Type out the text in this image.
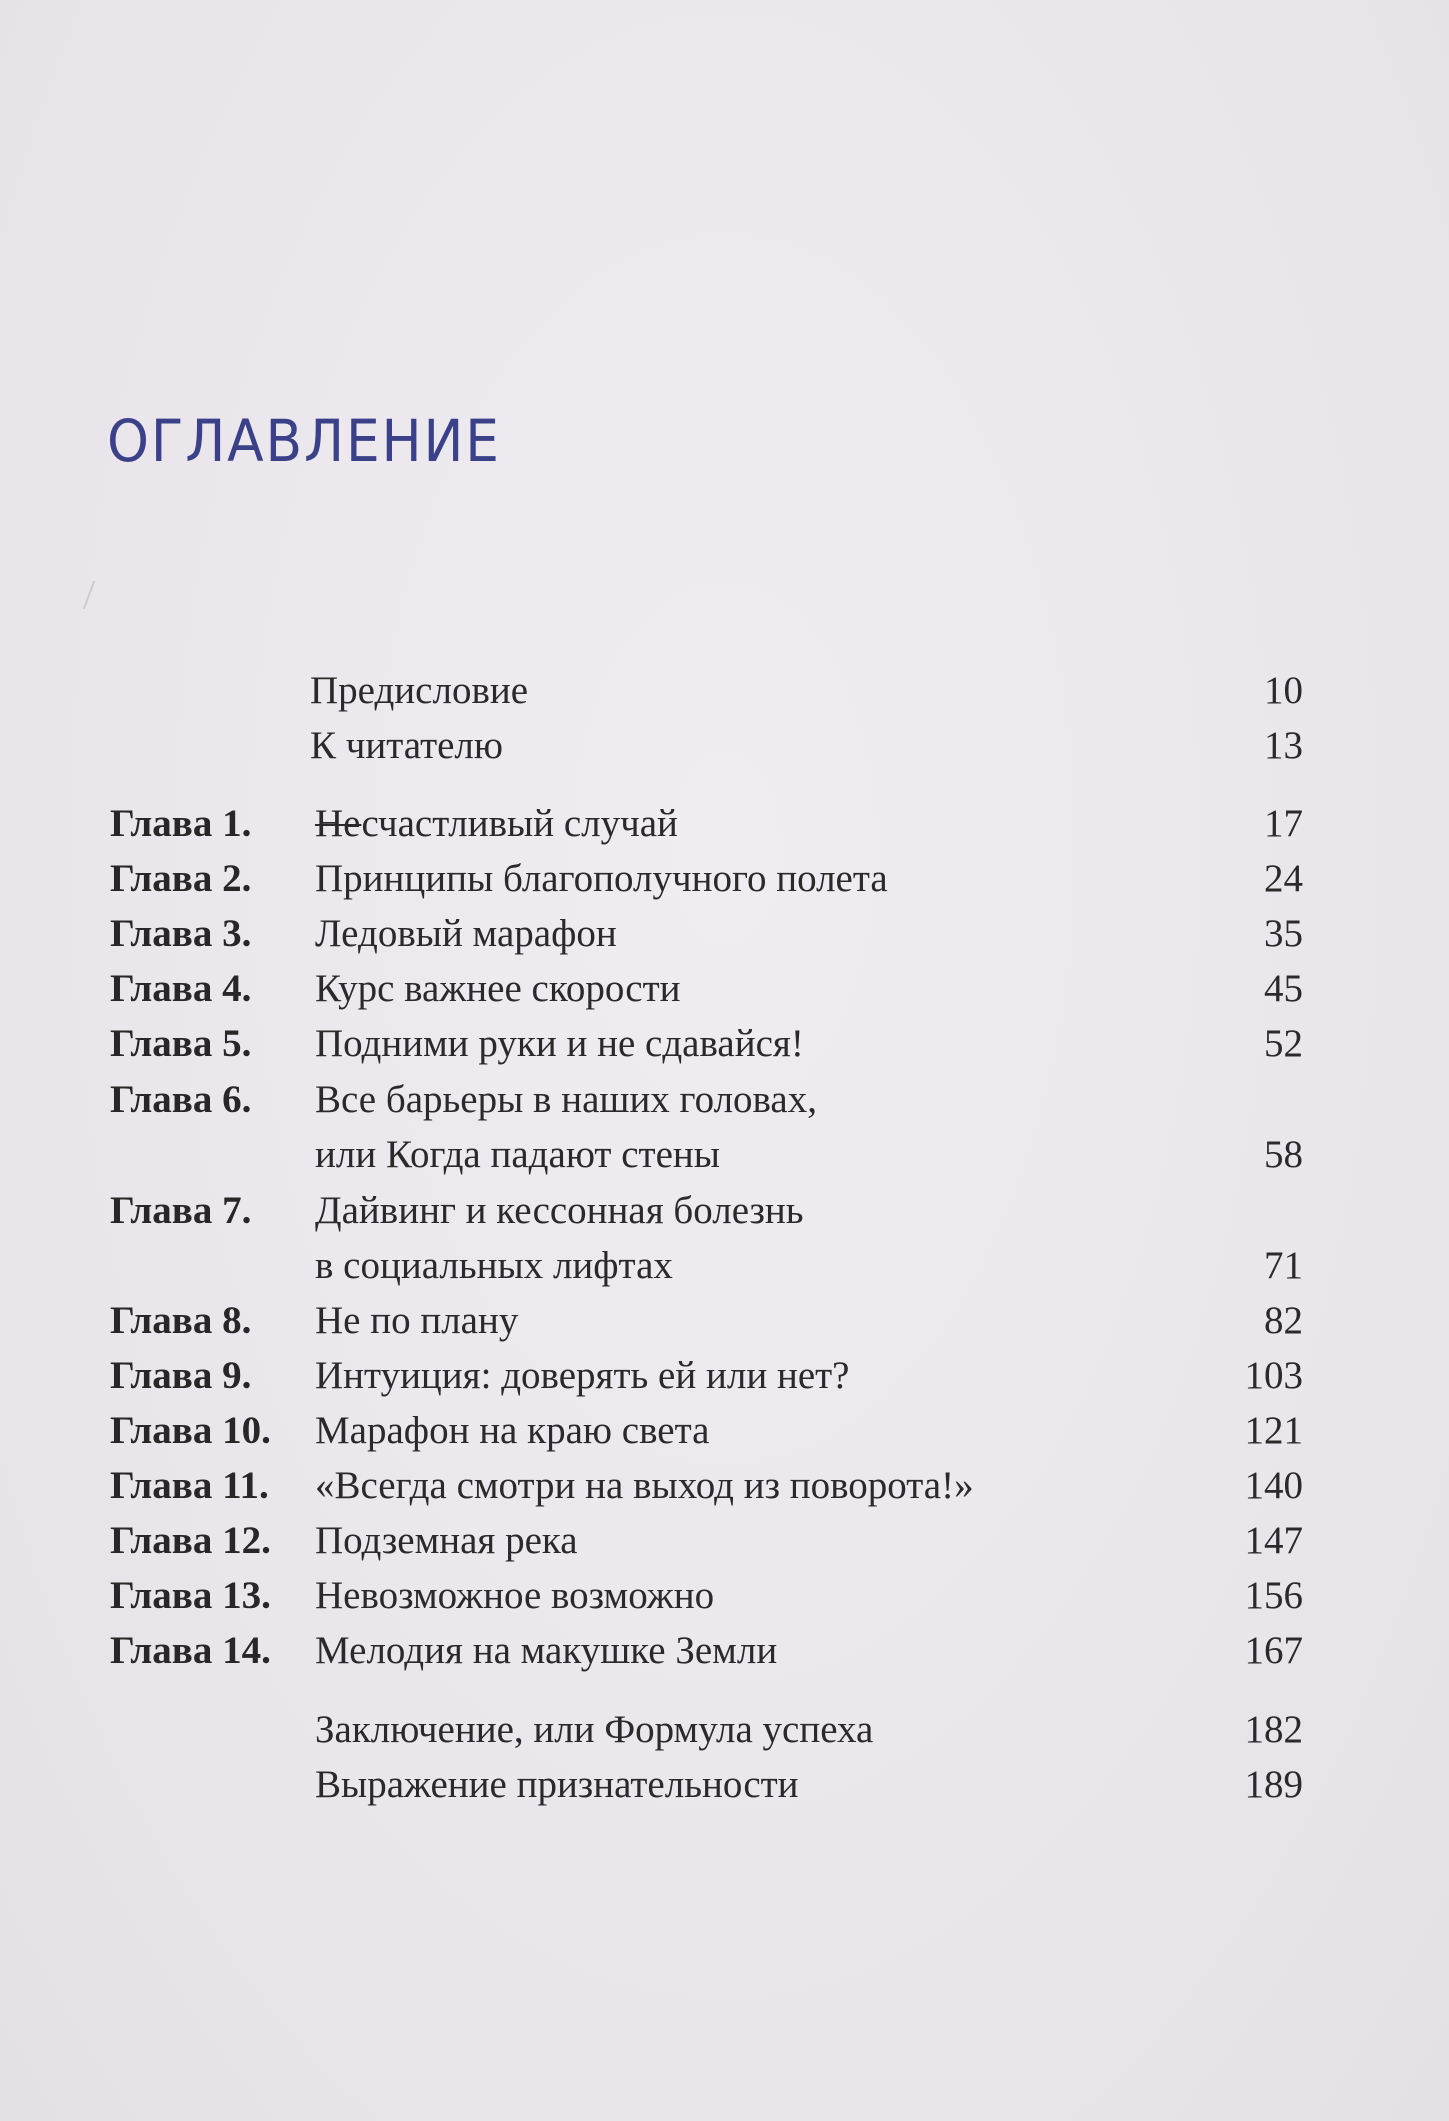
ОГЛАВЛЕНИЕ
Предисловие	10
К читателю	13
Глава 1. Несчастливый случай	17
Глава 2. Принципы благополучного полета	24
Глава 3. Ледовый марафон	35
Глава 4. Курс важнее скорости	45
Глава 5. Подними руки и не сдавайся!	52
Глава 6. Все барьеры в наших головах,
или Когда падают стены	58
Глава 7. Дайвинг и кессонная болезнь
в социальных лифтах	71
Глава 8. Не по плану	82
Глава 9. Интуиция: доверять ей или нет?	103
Глава 10. Марафон на краю света	121
Глава 11. «Всегда смотри на выход из поворота!»	140
Глава 12. Подземная река	147
Глава 13. Невозможное возможно	156
Глава 14. Мелодия на макушке Земли	167
Заключение, или Формула успеха	182
Выражение признательности	189
